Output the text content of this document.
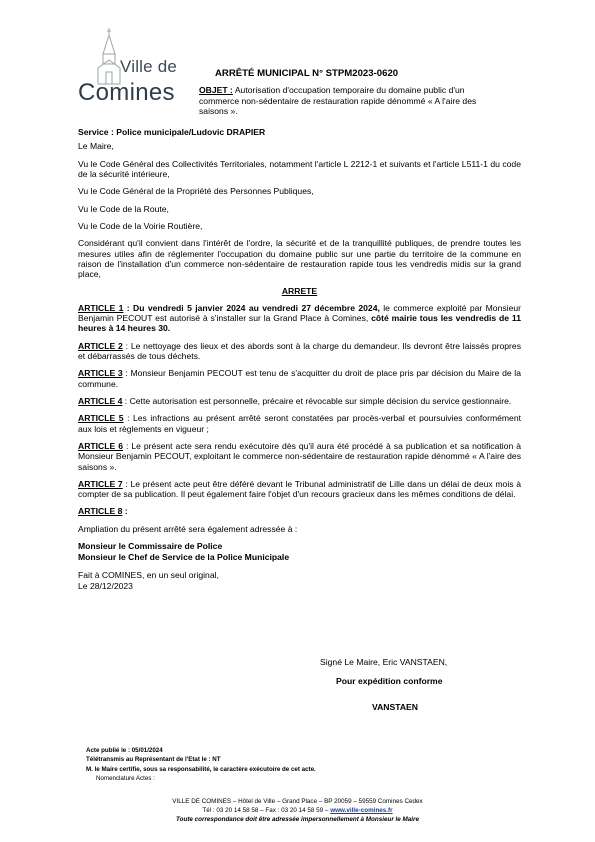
Ville de
Comines
ARRÊTÉ MUNICIPAL N° STPM2023-0620
OBJET : Autorisation d'occupation temporaire du domaine public d'un commerce non-sédentaire de restauration rapide dénommé « A l'aire des saisons ».

Service : Police municipale/Ludovic DRAPIER

Le Maire,

Vu le Code Général des Collectivités Territoriales, notamment l'article L 2212-1 et suivants et l'article L511-1 du code de la sécurité intérieure,

Vu le Code Général de la Propriété des Personnes Publiques,

Vu le Code de la Route,

Vu le Code de la Voirie Routière,

Considérant qu'il convient dans l'intérêt de l'ordre, la sécurité et de la tranquillité publiques, de prendre toutes les mesures utiles afin de réglementer l'occupation du domaine public sur une partie du territoire de la commune en raison de l'installation d'un commerce non-sédentaire de restauration rapide tous les vendredis midis sur la grand place,

ARRETE

ARTICLE 1 : Du vendredi 5 janvier 2024 au vendredi 27 décembre 2024, le commerce exploité par Monsieur Benjamin PECOUT est autorisé à s'installer sur la Grand Place à Comines, côté mairie tous les vendredis de 11 heures à 14 heures 30.

ARTICLE 2 : Le nettoyage des lieux et des abords sont à la charge du demandeur. Ils devront être laissés propres et débarrassés de tous déchets.

ARTICLE 3 : Monsieur Benjamin PECOUT est tenu de s'acquitter du droit de place pris par décision du Maire de la commune.

ARTICLE 4 : Cette autorisation est personnelle, précaire et révocable sur simple décision du service gestionnaire.

ARTICLE 5 : Les infractions au présent arrêté seront constatées par procès-verbal et poursuivies conformément aux lois et règlements en vigueur ;

ARTICLE 6 : Le présent acte sera rendu exécutoire dès qu'il aura été procédé à sa publication et sa notification à Monsieur Benjamin PECOUT, exploitant le commerce non-sédentaire de restauration rapide dénommé « A l'aire des saisons ».

ARTICLE 7 : Le présent acte peut être déféré devant le Tribunal administratif de Lille dans un délai de deux mois à compter de sa publication. Il peut également faire l'objet d'un recours gracieux dans les mêmes conditions de délai.

ARTICLE 8 :

Ampliation du présent arrêté sera également adressée à :

Monsieur le Commissaire de Police

Monsieur le Chef de Service de la Police Municipale

Fait à COMINES, en un seul original,

Le 28/12/2023

Signé Le Maire, Eric VANSTAEN,
Pour expédition conforme
VANSTAEN
Acte publié le : 05/01/2024
Télétransmis au Représentant de l'Etat le : NT
M. le Maire certifie, sous sa responsabilité, le caractère exécutoire de cet acte.
Nomenclature Actes :
VILLE DE COMINES – Hôtel de Ville – Grand Place – BP 20059 – 59559 Comines Cedex
Tél : 03 20 14 58 58 – Fax : 03 20 14 58 59 – www.ville-comines.fr
Toute correspondance doit être adressée impersonnellement à Monsieur le Maire
